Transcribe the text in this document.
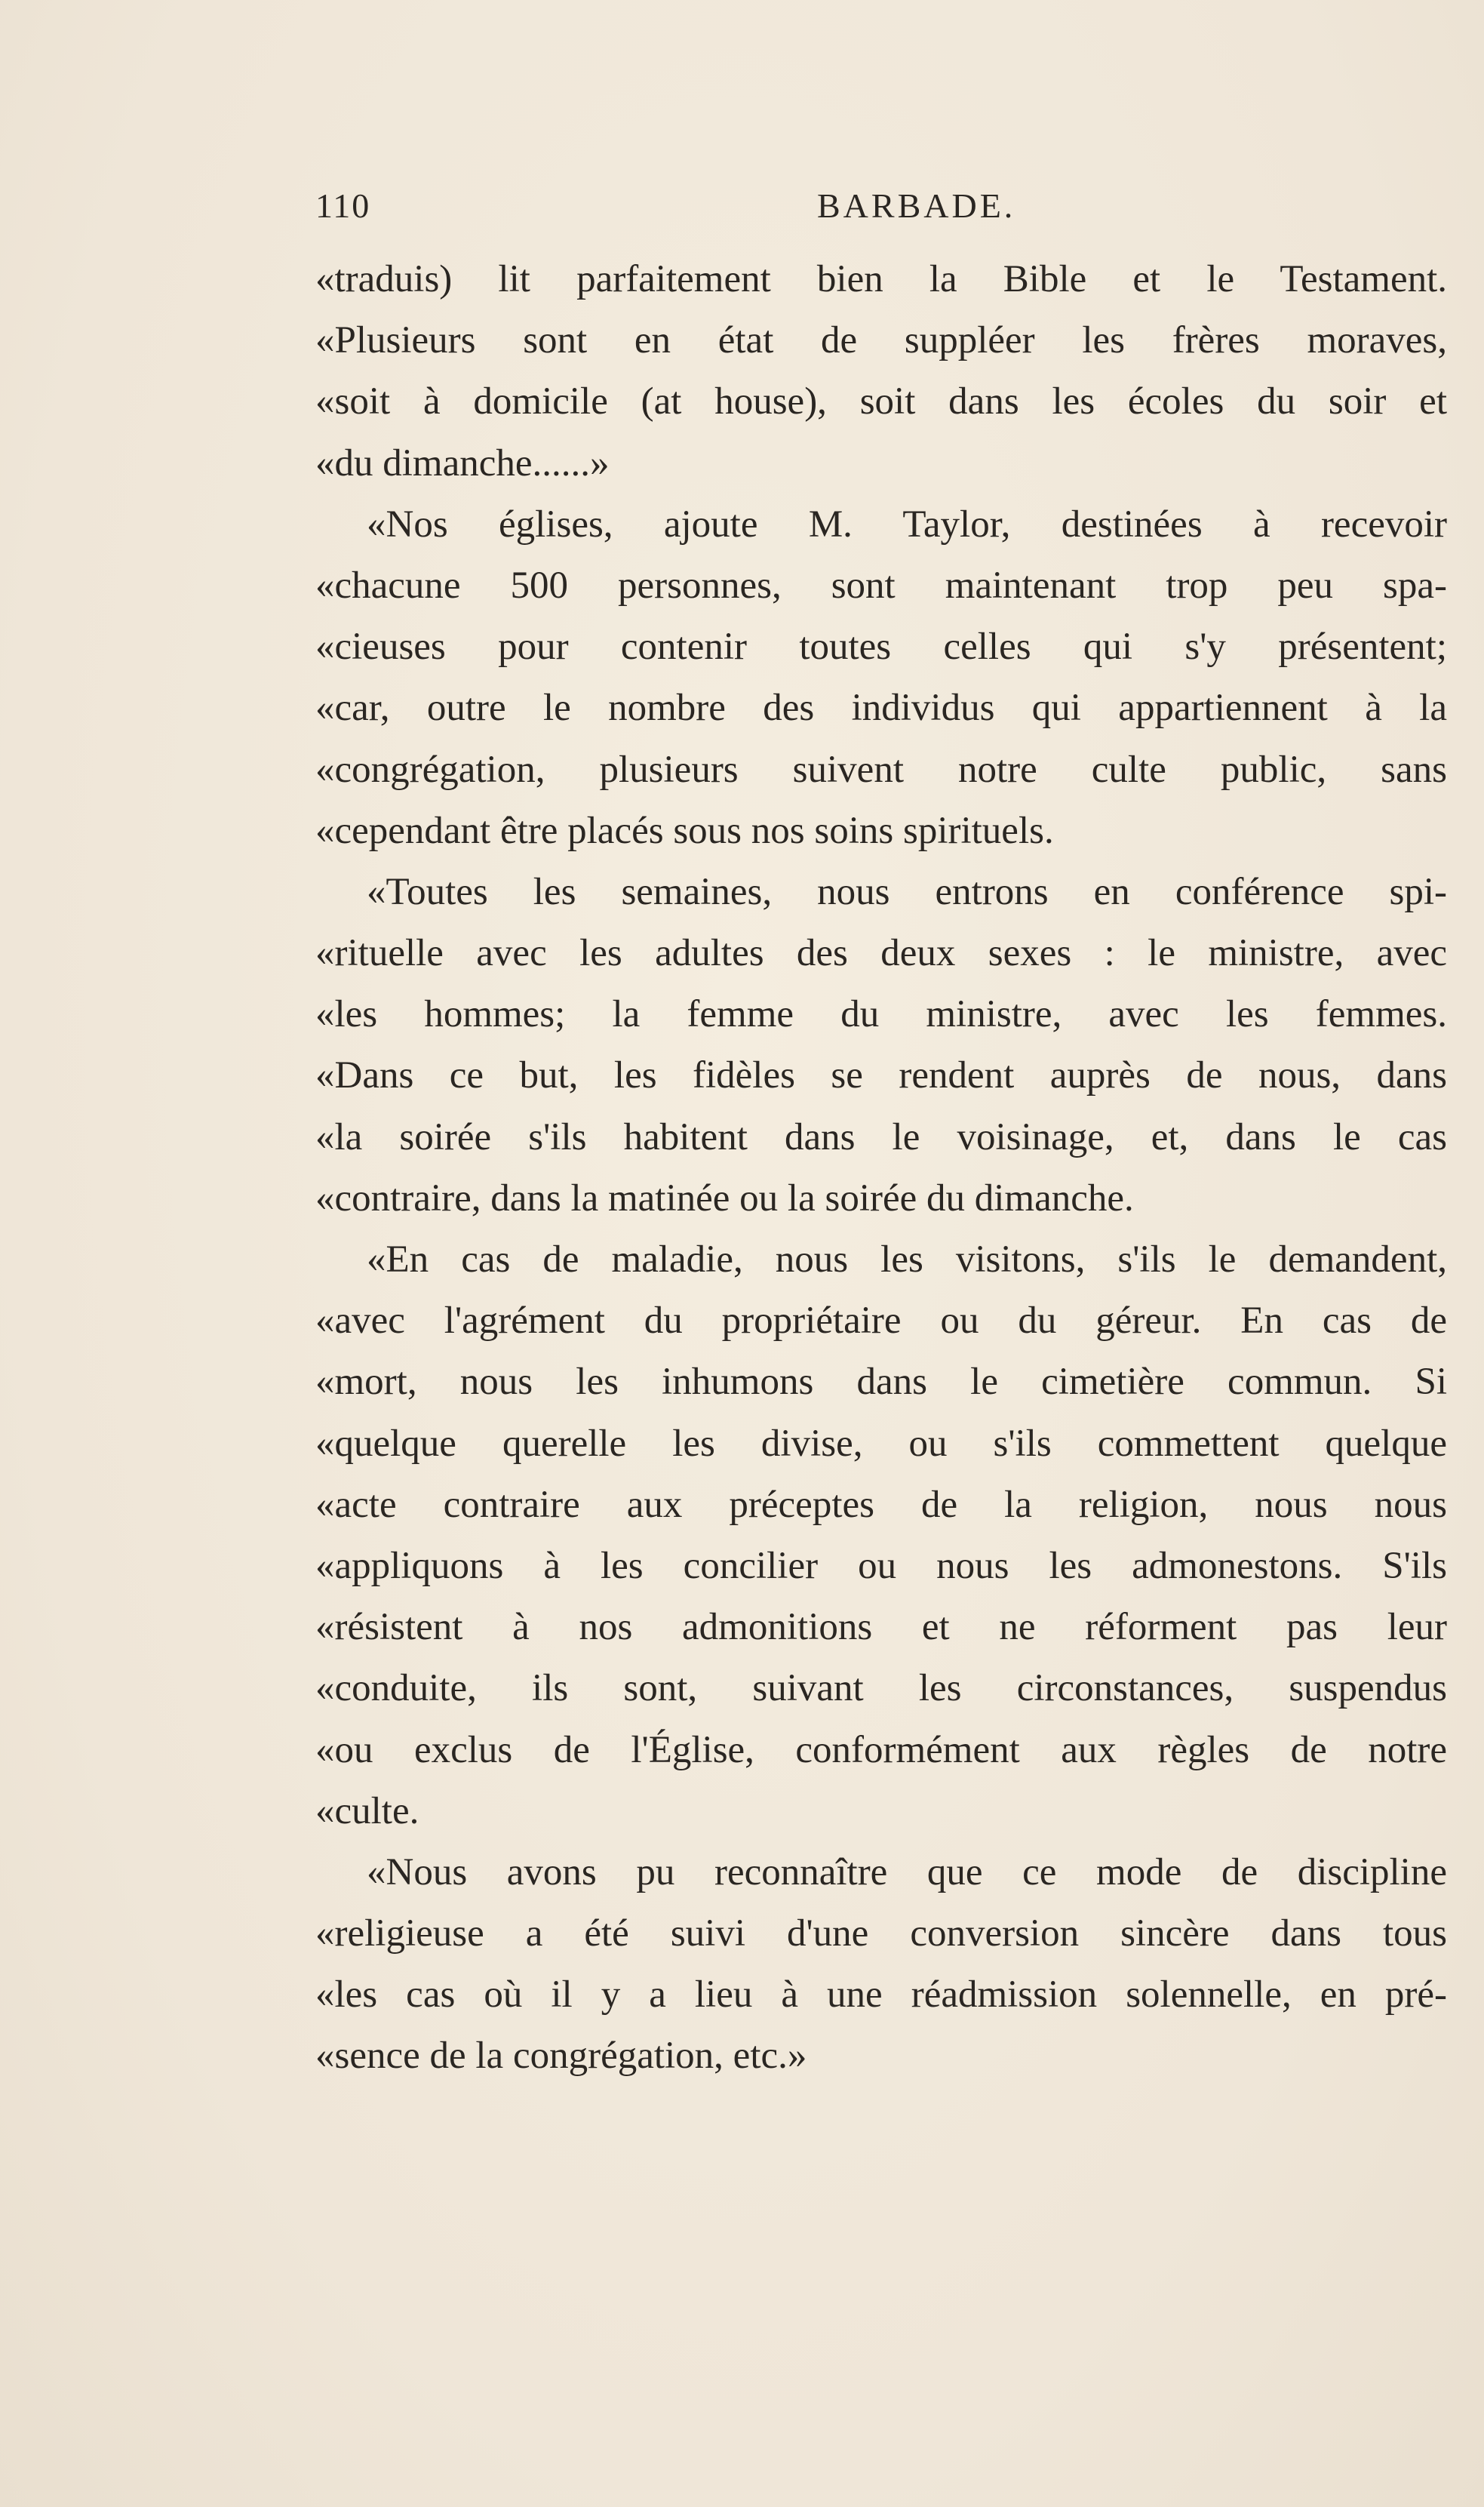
110	BARBADE.
«traduis) lit parfaitement bien la Bible et le Testament.
«Plusieurs sont en état de suppléer les frères moraves,
«soit à domicile (at house), soit dans les écoles du soir et
«du dimanche......»
«Nos églises, ajoute M. Taylor, destinées à recevoir
«chacune 500 personnes, sont maintenant trop peu spa-
«cieuses pour contenir toutes celles qui s'y présentent;
«car, outre le nombre des individus qui appartiennent à la
«congrégation, plusieurs suivent notre culte public, sans
«cependant être placés sous nos soins spirituels.
«Toutes les semaines, nous entrons en conférence spi-
«rituelle avec les adultes des deux sexes : le ministre, avec
«les hommes; la femme du ministre, avec les femmes.
«Dans ce but, les fidèles se rendent auprès de nous, dans
«la soirée s'ils habitent dans le voisinage, et, dans le cas
«contraire, dans la matinée ou la soirée du dimanche.
«En cas de maladie, nous les visitons, s'ils le demandent,
«avec l'agrément du propriétaire ou du géreur. En cas de
«mort, nous les inhumons dans le cimetière commun. Si
«quelque querelle les divise, ou s'ils commettent quelque
«acte contraire aux préceptes de la religion, nous nous
«appliquons à les concilier ou nous les admonestons. S'ils
«résistent à nos admonitions et ne réforment pas leur
«conduite, ils sont, suivant les circonstances, suspendus
«ou exclus de l'Église, conformément aux règles de notre
«culte.
«Nous avons pu reconnaître que ce mode de discipline
«religieuse a été suivi d'une conversion sincère dans tous
«les cas où il y a lieu à une réadmission solennelle, en pré-
«sence de la congrégation, etc.»
